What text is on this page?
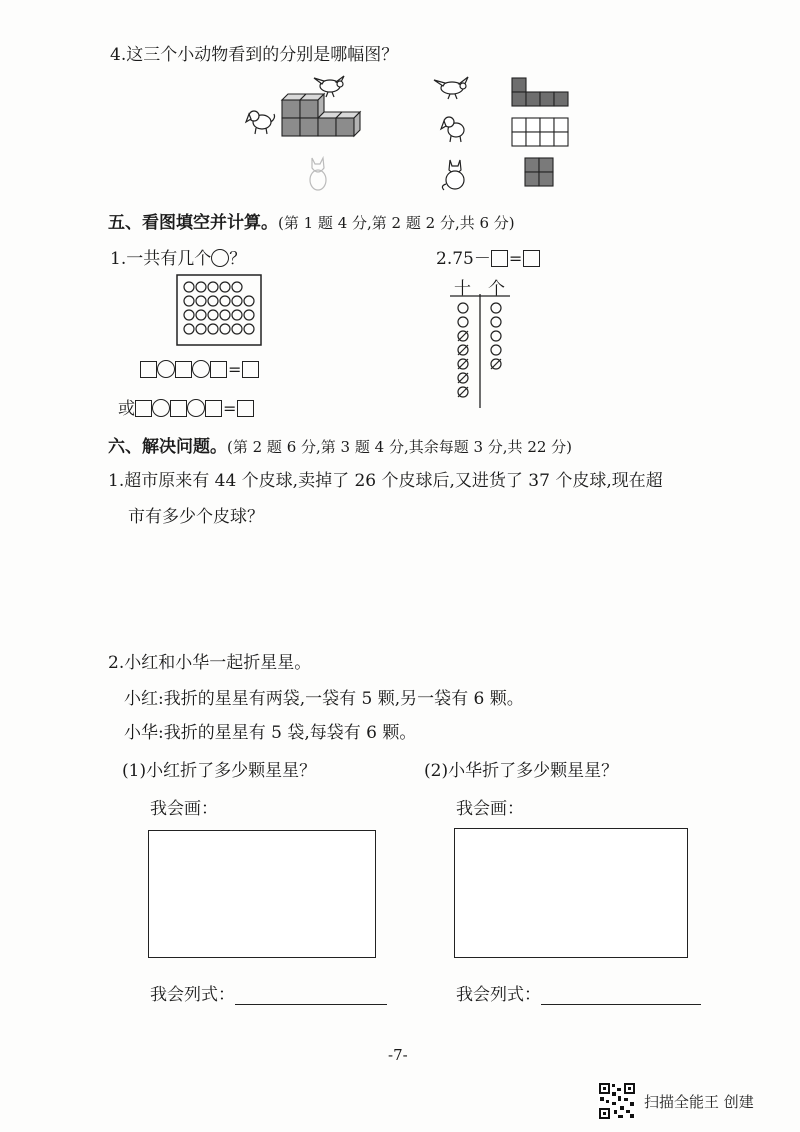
4.这三个小动物看到的分别是哪幅图？
五、看图填空并计算。(第 1 题 4 分,第 2 题 2 分,共 6 分)
1.一共有几个 ？	2.75－ =
=
或	=
十 个
六、解决问题。(第 2 题 6 分,第 3 题 4 分,其余每题 3 分,共 22 分)
1.超市原来有 44 个皮球,卖掉了 26 个皮球后,又进货了 37 个皮球,现在超
市有多少个皮球？
2.小红和小华一起折星星。
小红:我折的星星有两袋,一袋有 5 颗,另一袋有 6 颗。
小华:我折的星星有 5 袋,每袋有 6 颗。
(1)小红折了多少颗星星？	(2)小华折了多少颗星星？
我会画：	我会画：
我会列式：	我会列式：
-7-
扫描全能王 创建
